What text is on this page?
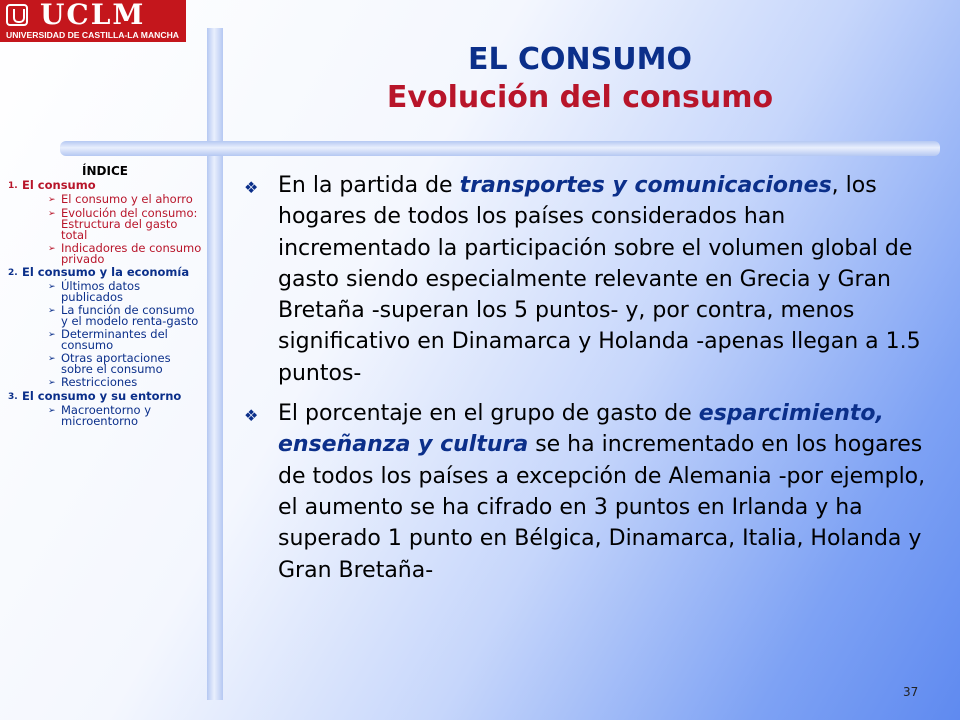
UCLM
UNIVERSIDAD DE CASTILLA-LA MANCHA
EL CONSUMO
Evolución del consumo
ÍNDICE
1. El consumo
➢ El consumo y el ahorro
➢ Evolución del consumo: Estructura del gasto total
➢ Indicadores de consumo privado
2. El consumo y la economía
➢ Últimos datos publicados
➢ La función de consumo y el modelo renta-gasto
➢ Determinantes del consumo
➢ Otras aportaciones sobre el consumo
➢ Restricciones
3. El consumo y su entorno
➢ Macroentorno y microentorno
❖ En la partida de transportes y comunicaciones, los hogares de todos los países considerados han incrementado la participación sobre el volumen global de gasto siendo especialmente relevante en Grecia y Gran Bretaña -superan los 5 puntos- y, por contra, menos significativo en Dinamarca y Holanda -apenas llegan a 1.5 puntos-

❖ El porcentaje en el grupo de gasto de esparcimiento, enseñanza y cultura se ha incrementado en los hogares de todos los países a excepción de Alemania -por ejemplo, el aumento se ha cifrado en 3 puntos en Irlanda y ha superado 1 punto en Bélgica, Dinamarca, Italia, Holanda y Gran Bretaña-

37
